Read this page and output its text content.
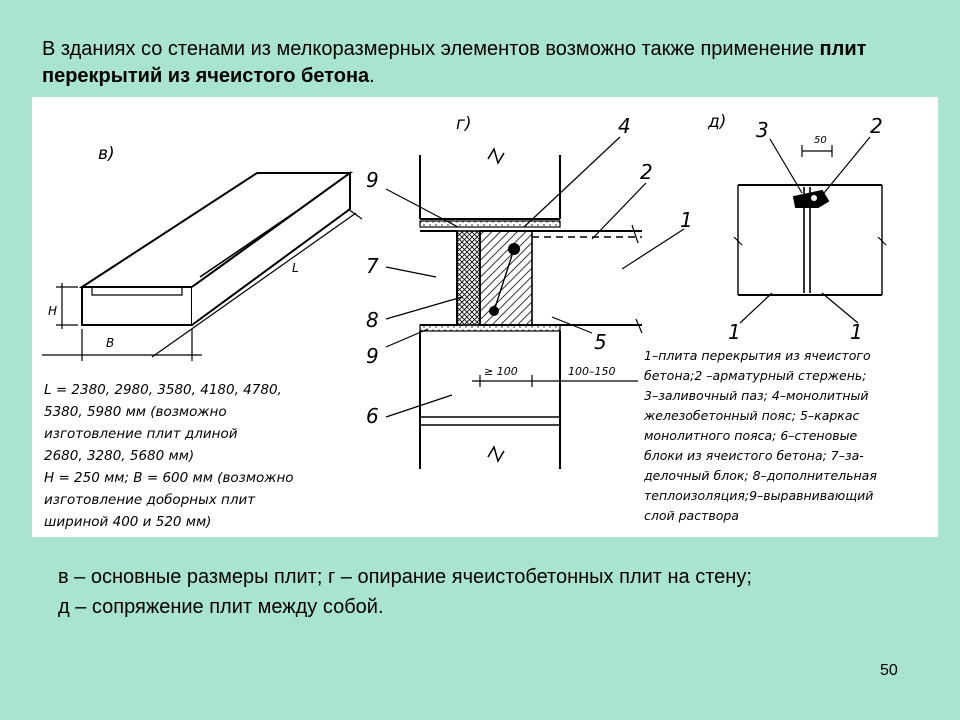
В зданиях со стенами из мелкоразмерных элементов возможно также применение плит перекрытий из ячеистого бетона.
в)
H
B
L
L = 2380, 2980, 3580, 4180, 4780,
5380, 5980 мм (возможно
изготовление плит длиной
2680, 3280, 5680 мм)
H = 250 мм; B = 600 мм (возможно
изготовление доборных плит
шириной 400 и 520 мм)
г)
9
7
8
9
6
4
2
1
5
≥ 100	100–150
д)
50
3	2
1	1
1–плита перекрытия из ячеистого
бетона;2 –арматурный стержень;
3–заливочный паз; 4–монолитный
железобетонный пояс; 5–каркас
монолитного пояса; 6–стеновые
блоки из ячеистого бетона; 7–за-
делочный блок; 8–дополнительная
теплоизоляция;9–выравнивающий
слой раствора
в – основные размеры плит; г – опирание ячеистобетонных плит на стену;
д – сопряжение плит между собой.
50
